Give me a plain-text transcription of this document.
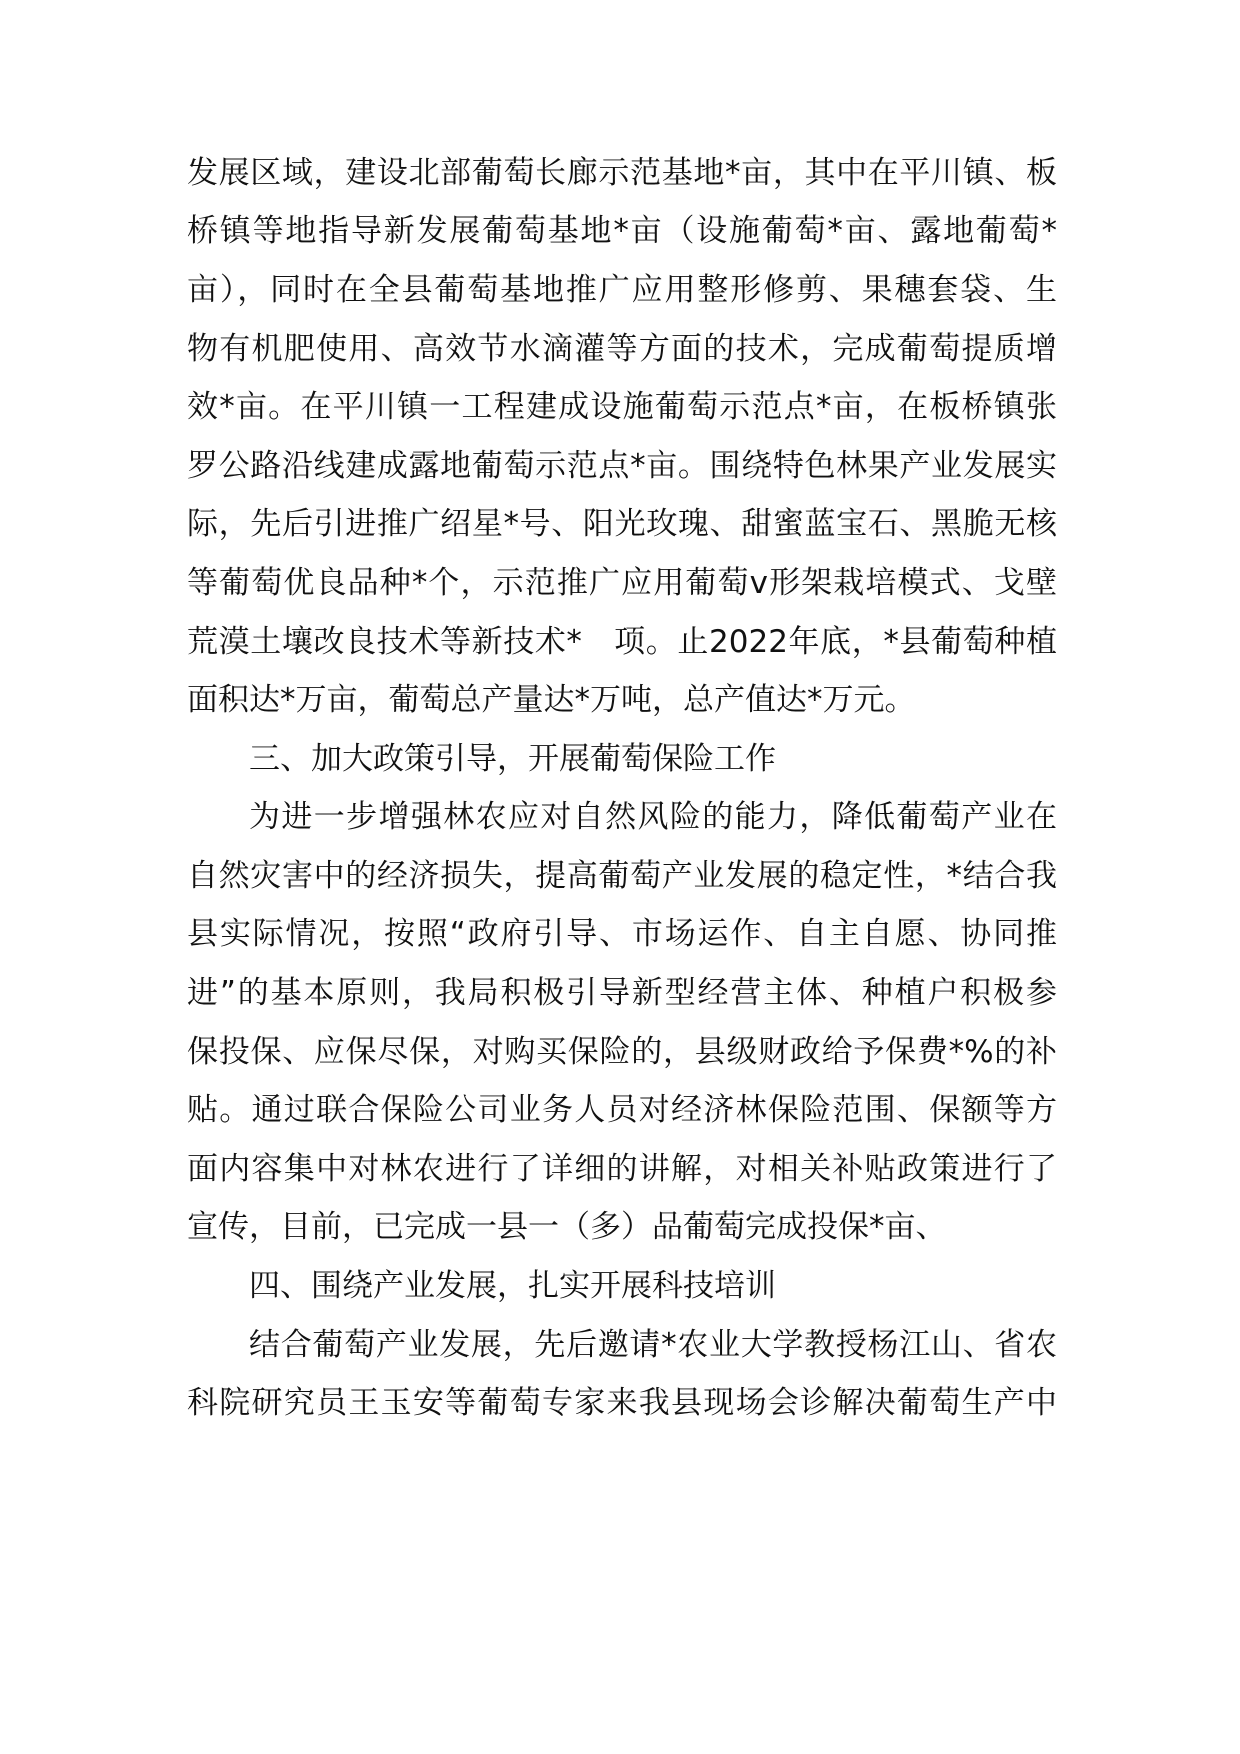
发展区域，建设北部葡萄长廊示范基地*亩，其中在平川镇、板
桥镇等地指导新发展葡萄基地*亩（设施葡萄*亩、露地葡萄*
亩），同时在全县葡萄基地推广应用整形修剪、果穗套袋、生
物有机肥使用、高效节水滴灌等方面的技术，完成葡萄提质增
效*亩。在平川镇一工程建成设施葡萄示范点*亩，在板桥镇张
罗公路沿线建成露地葡萄示范点*亩。围绕特色林果产业发展实
际，先后引进推广绍星*号、阳光玫瑰、甜蜜蓝宝石、黑脆无核
等葡萄优良品种*个，示范推广应用葡萄v形架栽培模式、戈壁
荒漠土壤改良技术等新技术*　项。止2022年底，*县葡萄种植
面积达*万亩，葡萄总产量达*万吨，总产值达*万元。
三、加大政策引导，开展葡萄保险工作
为进一步增强林农应对自然风险的能力，降低葡萄产业在
自然灾害中的经济损失，提高葡萄产业发展的稳定性，*结合我
县实际情况，按照“政府引导、市场运作、自主自愿、协同推
进”的基本原则，我局积极引导新型经营主体、种植户积极参
保投保、应保尽保，对购买保险的，县级财政给予保费*%的补
贴。通过联合保险公司业务人员对经济林保险范围、保额等方
面内容集中对林农进行了详细的讲解，对相关补贴政策进行了
宣传，目前，已完成一县一（多）品葡萄完成投保*亩、
四、围绕产业发展，扎实开展科技培训
结合葡萄产业发展，先后邀请*农业大学教授杨江山、省农
科院研究员王玉安等葡萄专家来我县现场会诊解决葡萄生产中
